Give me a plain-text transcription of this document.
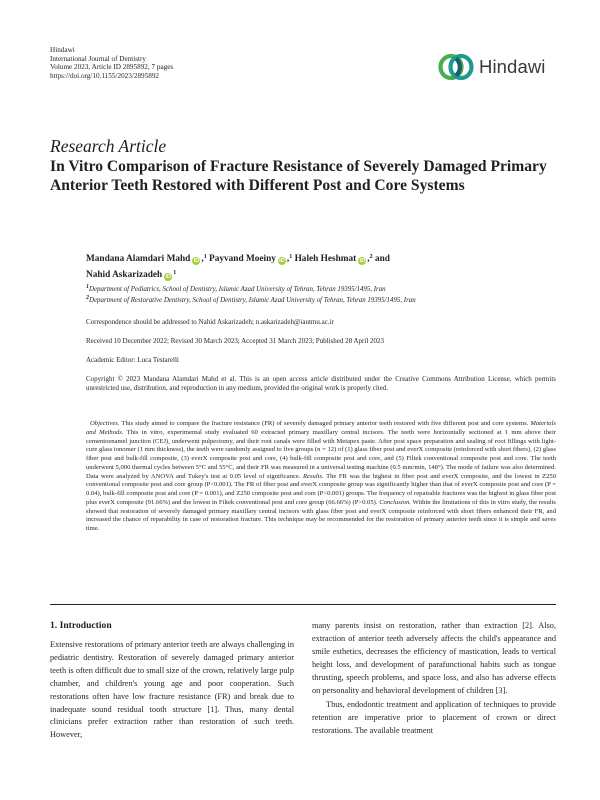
Hindawi
International Journal of Dentistry
Volume 2023, Article ID 2895892, 7 pages
https://doi.org/10.1155/2023/2895892	Hindawi
Research Article
In Vitro Comparison of Fracture Resistance of Severely Damaged Primary Anterior Teeth Restored with Different Post and Core Systems
Mandana Alamdari Mahd iD ,$^1$ Payvand Moeiny iD ,$^1$ Haleh Heshmat iD ,$^2$ and
Nahid Askarizadeh iD
$^1$
1Department of Pediatrics, School of Dentistry, Islamic Azad University of Tehran, Tehran 19395/1495, Iran
2Department of Restorative Dentistry, School of Dentistry, Islamic Azad University of Tehran, Tehran 19395/1495, Iran
Correspondence should be addressed to Nahid Askarizadeh; n.askarizadeh@iautmu.ac.ir
Received 10 December 2022; Revised 30 March 2023; Accepted 31 March 2023; Published 28 April 2023
Academic Editor: Luca Testarelli
Copyright © 2023 Mandana Alamdari Mahd et al. This is an open access article distributed under the Creative Commons Attribution License, which permits unrestricted use, distribution, and reproduction in any medium, provided the original work is properly cited.
Objectives. This study aimed to compare the fracture resistance (FR) of severely damaged primary anterior teeth restored with five different post and core systems. Materials and Methods. This in vitro, experimental study evaluated 60 extracted primary maxillary central incisors. The teeth were horizontally sectioned at 1 mm above their cementoenamel junction (CEJ), underwent pulpectomy, and their root canals were filled with Metapex paste. After post space preparation and sealing of root fillings with light-cure glass ionomer (1 mm thickness), the teeth were randomly assigned to five groups (n = 12) of (1) glass fiber post and everX composite (reinforced with short fibers), (2) glass fiber post and bulk-fill composite, (3) everX composite post and core, (4) bulk-fill composite post and core, and (5) Filtek conventional composite post and core. The teeth underwent 5,000 thermal cycles between 5°C and 55°C, and their FR was measured in a universal testing machine (0.5 mm/min, 148°). The mode of failure was also determined. Data were analyzed by ANOVA and Tukey's test at 0.05 level of significance. Results. The FR was the highest in fiber post and everX composite, and the lowest in Z250 conventional composite post and core group (P<0.001). The FR of fiber post and everX composite group was significantly higher than that of everX composite post and core (P = 0.04), bulk-fill composite post and core (P = 0.001), and Z250 composite post and core (P<0.001) groups. The frequency of repairable fractures was the highest in glass fiber post plus everX composite (91.66%) and the lowest in Filtek conventional post and core group (66.66%) (P>0.05). Conclusion. Within the limitations of this in vitro study, the results showed that restoration of severely damaged primary maxillary central incisors with glass fiber post and everX composite reinforced with short fibers enhanced their FR, and increased the chance of reparability in case of restoration fracture. This technique may be recommended for the restoration of primary anterior teeth since it is simple and saves time.
1. Introduction

Extensive restorations of primary anterior teeth are always challenging in pediatric dentistry. Restoration of severely damaged primary anterior teeth is often difficult due to small size of the crown, relatively large pulp chamber, and children's young age and poor cooperation. Such restorations often have low fracture resistance (FR) and break due to inadequate sound residual tooth structure [1]. Thus, many dental clinicians prefer extraction rather than restoration of such teeth. However,

many parents insist on restoration, rather than extraction [2]. Also, extraction of anterior teeth adversely affects the child's appearance and smile esthetics, decreases the efficiency of mastication, leads to vertical height loss, and development of parafunctional habits such as tongue thrusting, speech problems, and space loss, and also has adverse effects on personality and behavioral development of children [3].

Thus, endodontic treatment and application of techniques to provide retention are imperative prior to placement of crown or direct restorations. The available treatment
